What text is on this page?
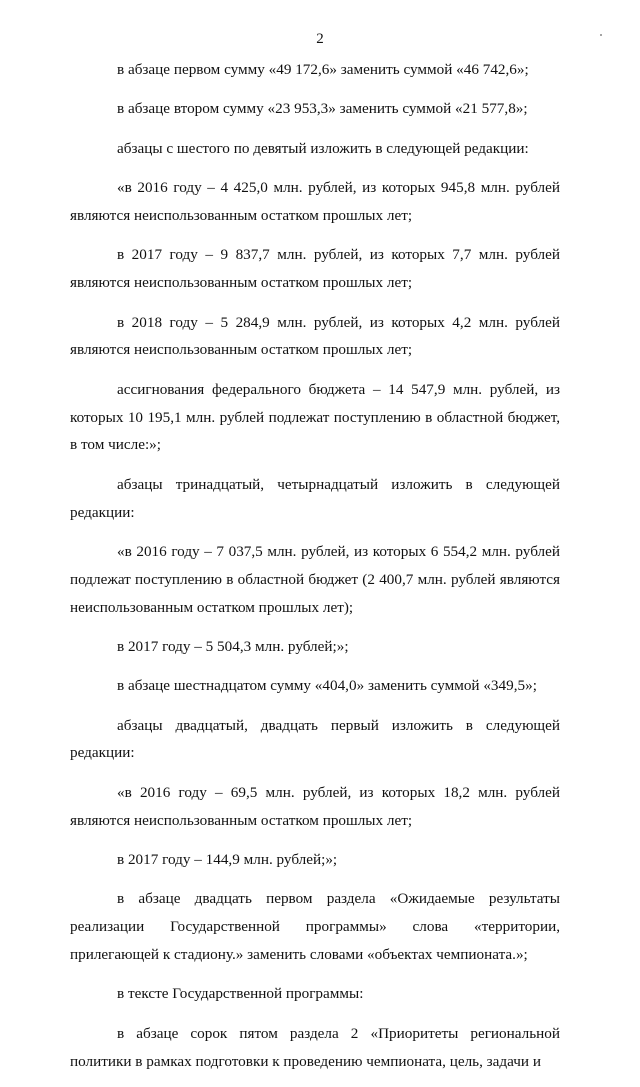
2

в абзаце первом сумму «49 172,6» заменить суммой «46 742,6»;

в абзаце втором сумму «23 953,3» заменить суммой «21 577,8»;

абзацы с шестого по девятый изложить в следующей редакции:

«в 2016 году – 4 425,0 млн. рублей, из которых 945,8 млн. рублей являются неиспользованным остатком прошлых лет;

в 2017 году – 9 837,7 млн. рублей, из которых 7,7 млн. рублей являются неиспользованным остатком прошлых лет;

в 2018 году – 5 284,9 млн. рублей, из которых 4,2 млн. рублей являются неиспользованным остатком прошлых лет;

ассигнования федерального бюджета – 14 547,9 млн. рублей, из которых 10 195,1 млн. рублей подлежат поступлению в областной бюджет, в том числе:»;

абзацы тринадцатый, четырнадцатый изложить в следующей редакции:

«в 2016 году – 7 037,5 млн. рублей, из которых 6 554,2 млн. рублей подлежат поступлению в областной бюджет (2 400,7 млн. рублей являются неиспользованным остатком прошлых лет);

в 2017 году – 5 504,3 млн. рублей;»;

в абзаце шестнадцатом сумму «404,0» заменить суммой «349,5»;

абзацы двадцатый, двадцать первый изложить в следующей редакции:

«в 2016 году – 69,5 млн. рублей, из которых 18,2 млн. рублей являются неиспользованным остатком прошлых лет;

в 2017 году – 144,9 млн. рублей;»;

в абзаце двадцать первом раздела «Ожидаемые результаты реализации Государственной программы» слова «территории, прилегающей к стадиону.» заменить словами «объектах чемпионата.»;

в тексте Государственной программы:

в абзаце сорок пятом раздела 2 «Приоритеты региональной политики в рамках подготовки к проведению чемпионата, цель, задачи и
